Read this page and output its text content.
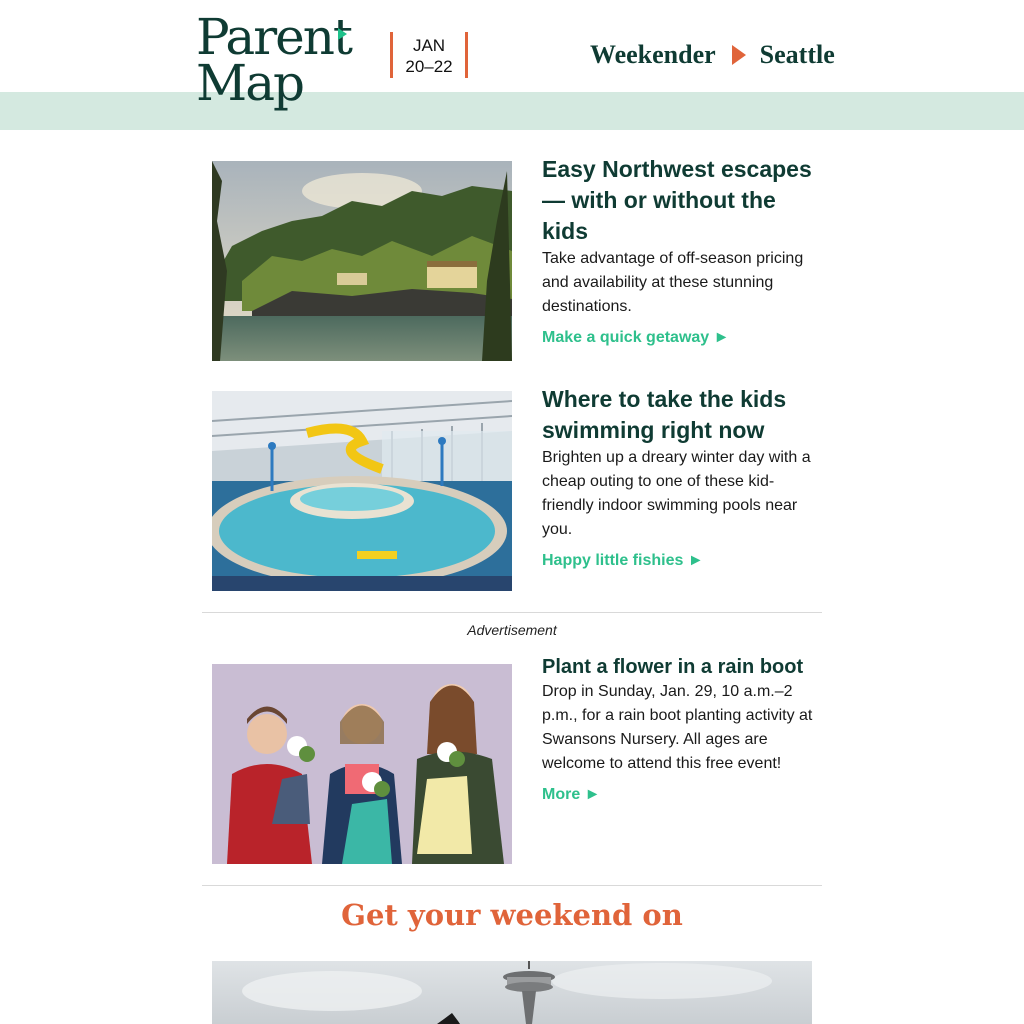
Parent
Map
JAN
20–22	Weekender Seattle
Easy Northwest escapes — with or without the kids

Take advantage of off-season pricing and availability at these stunning destinations.

Make a quick getaway ►
Where to take the kids swimming right now

Brighten up a dreary winter day with a cheap outing to one of these kid-friendly indoor swimming pools near you.

Happy little fishies ►
Advertisement
Plant a flower in a rain boot

Drop in Sunday, Jan. 29, 10 a.m.–2 p.m., for a rain boot planting activity at Swansons Nursery. All ages are welcome to attend this free event!

More ►
Get your weekend on
